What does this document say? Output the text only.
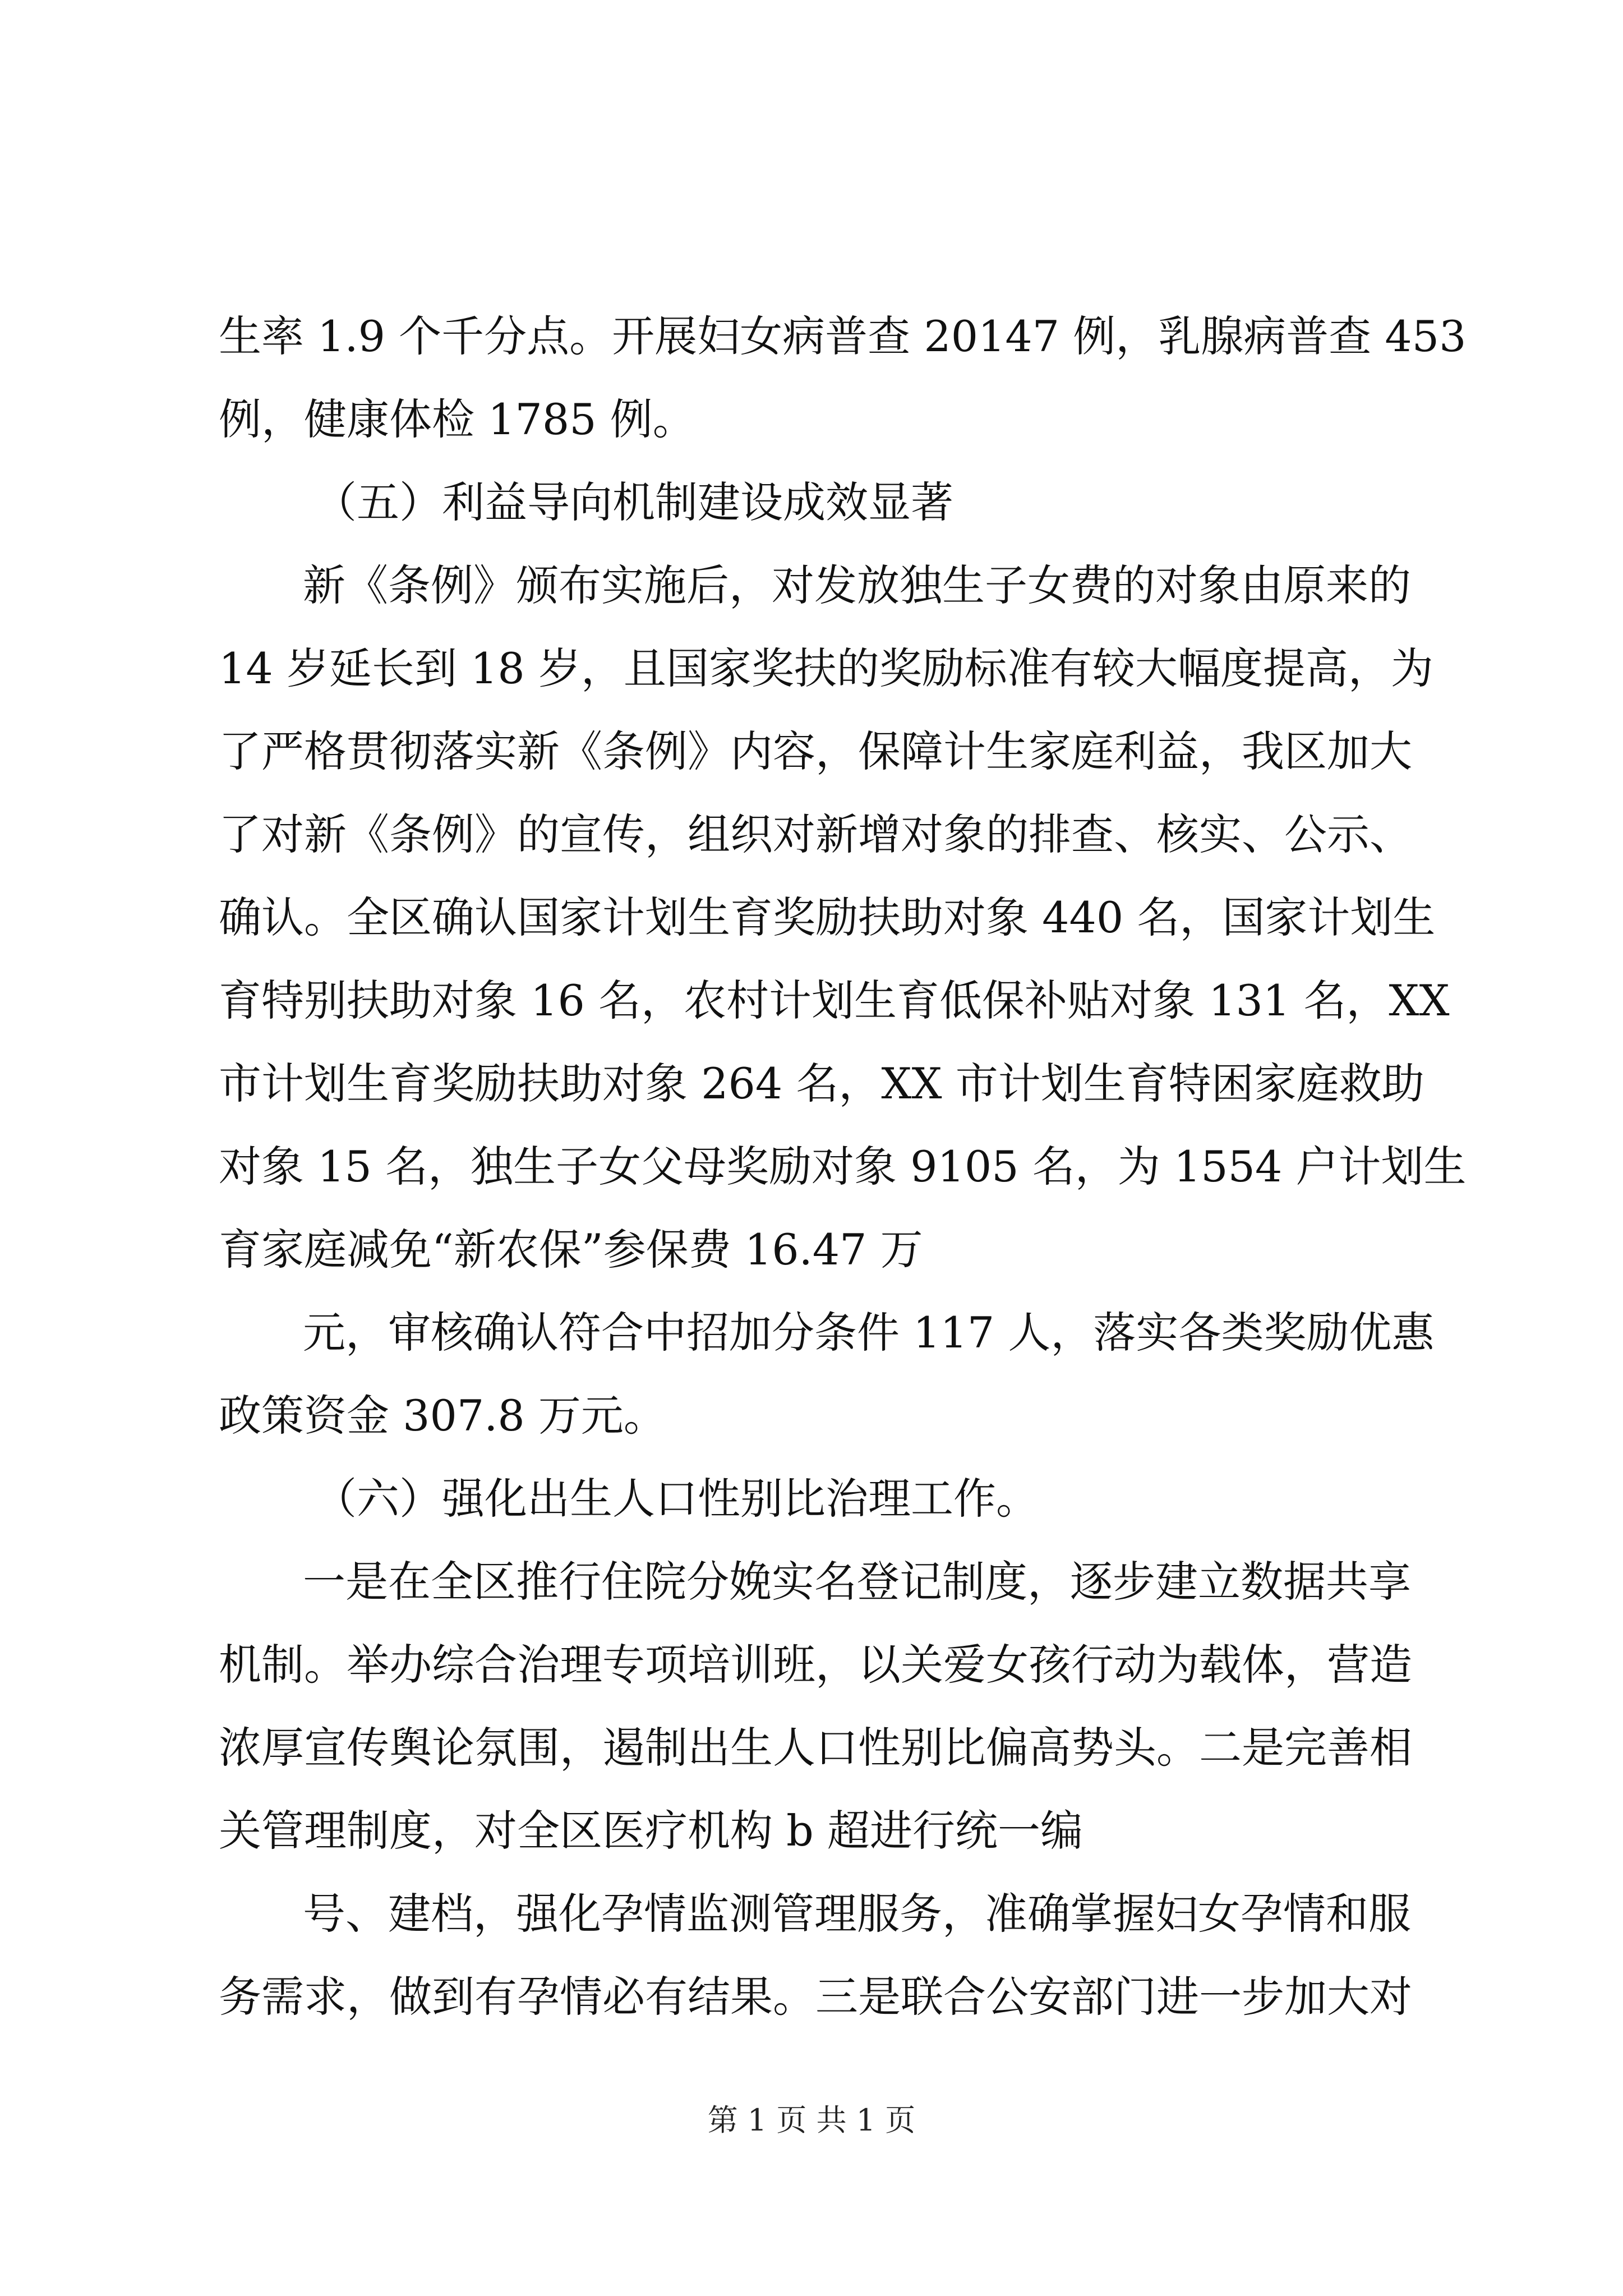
生率 1.9 个千分点。开展妇女病普查 20147 例，乳腺病普查 453
例，健康体检 1785 例。
（五）利益导向机制建设成效显著
新《条例》颁布实施后，对发放独生子女费的对象由原来的
14 岁延长到 18 岁，且国家奖扶的奖励标准有较大幅度提高，为
了严格贯彻落实新《条例》内容，保障计生家庭利益，我区加大
了对新《条例》的宣传，组织对新增对象的排查、核实、公示、
确认。全区确认国家计划生育奖励扶助对象 440 名，国家计划生
育特别扶助对象 16 名，农村计划生育低保补贴对象 131 名，XX
市计划生育奖励扶助对象 264 名，XX 市计划生育特困家庭救助
对象 15 名，独生子女父母奖励对象 9105 名，为 1554 户计划生
育家庭减免“新农保”参保费 16.47 万
元，审核确认符合中招加分条件 117 人，落实各类奖励优惠
政策资金 307.8 万元。
（六）强化出生人口性别比治理工作。
一是在全区推行住院分娩实名登记制度，逐步建立数据共享
机制。举办综合治理专项培训班，以关爱女孩行动为载体，营造
浓厚宣传舆论氛围，遏制出生人口性别比偏高势头。二是完善相
关管理制度，对全区医疗机构 b 超进行统一编
号、建档，强化孕情监测管理服务，准确掌握妇女孕情和服
务需求，做到有孕情必有结果。三是联合公安部门进一步加大对
第 1 页 共 1 页
